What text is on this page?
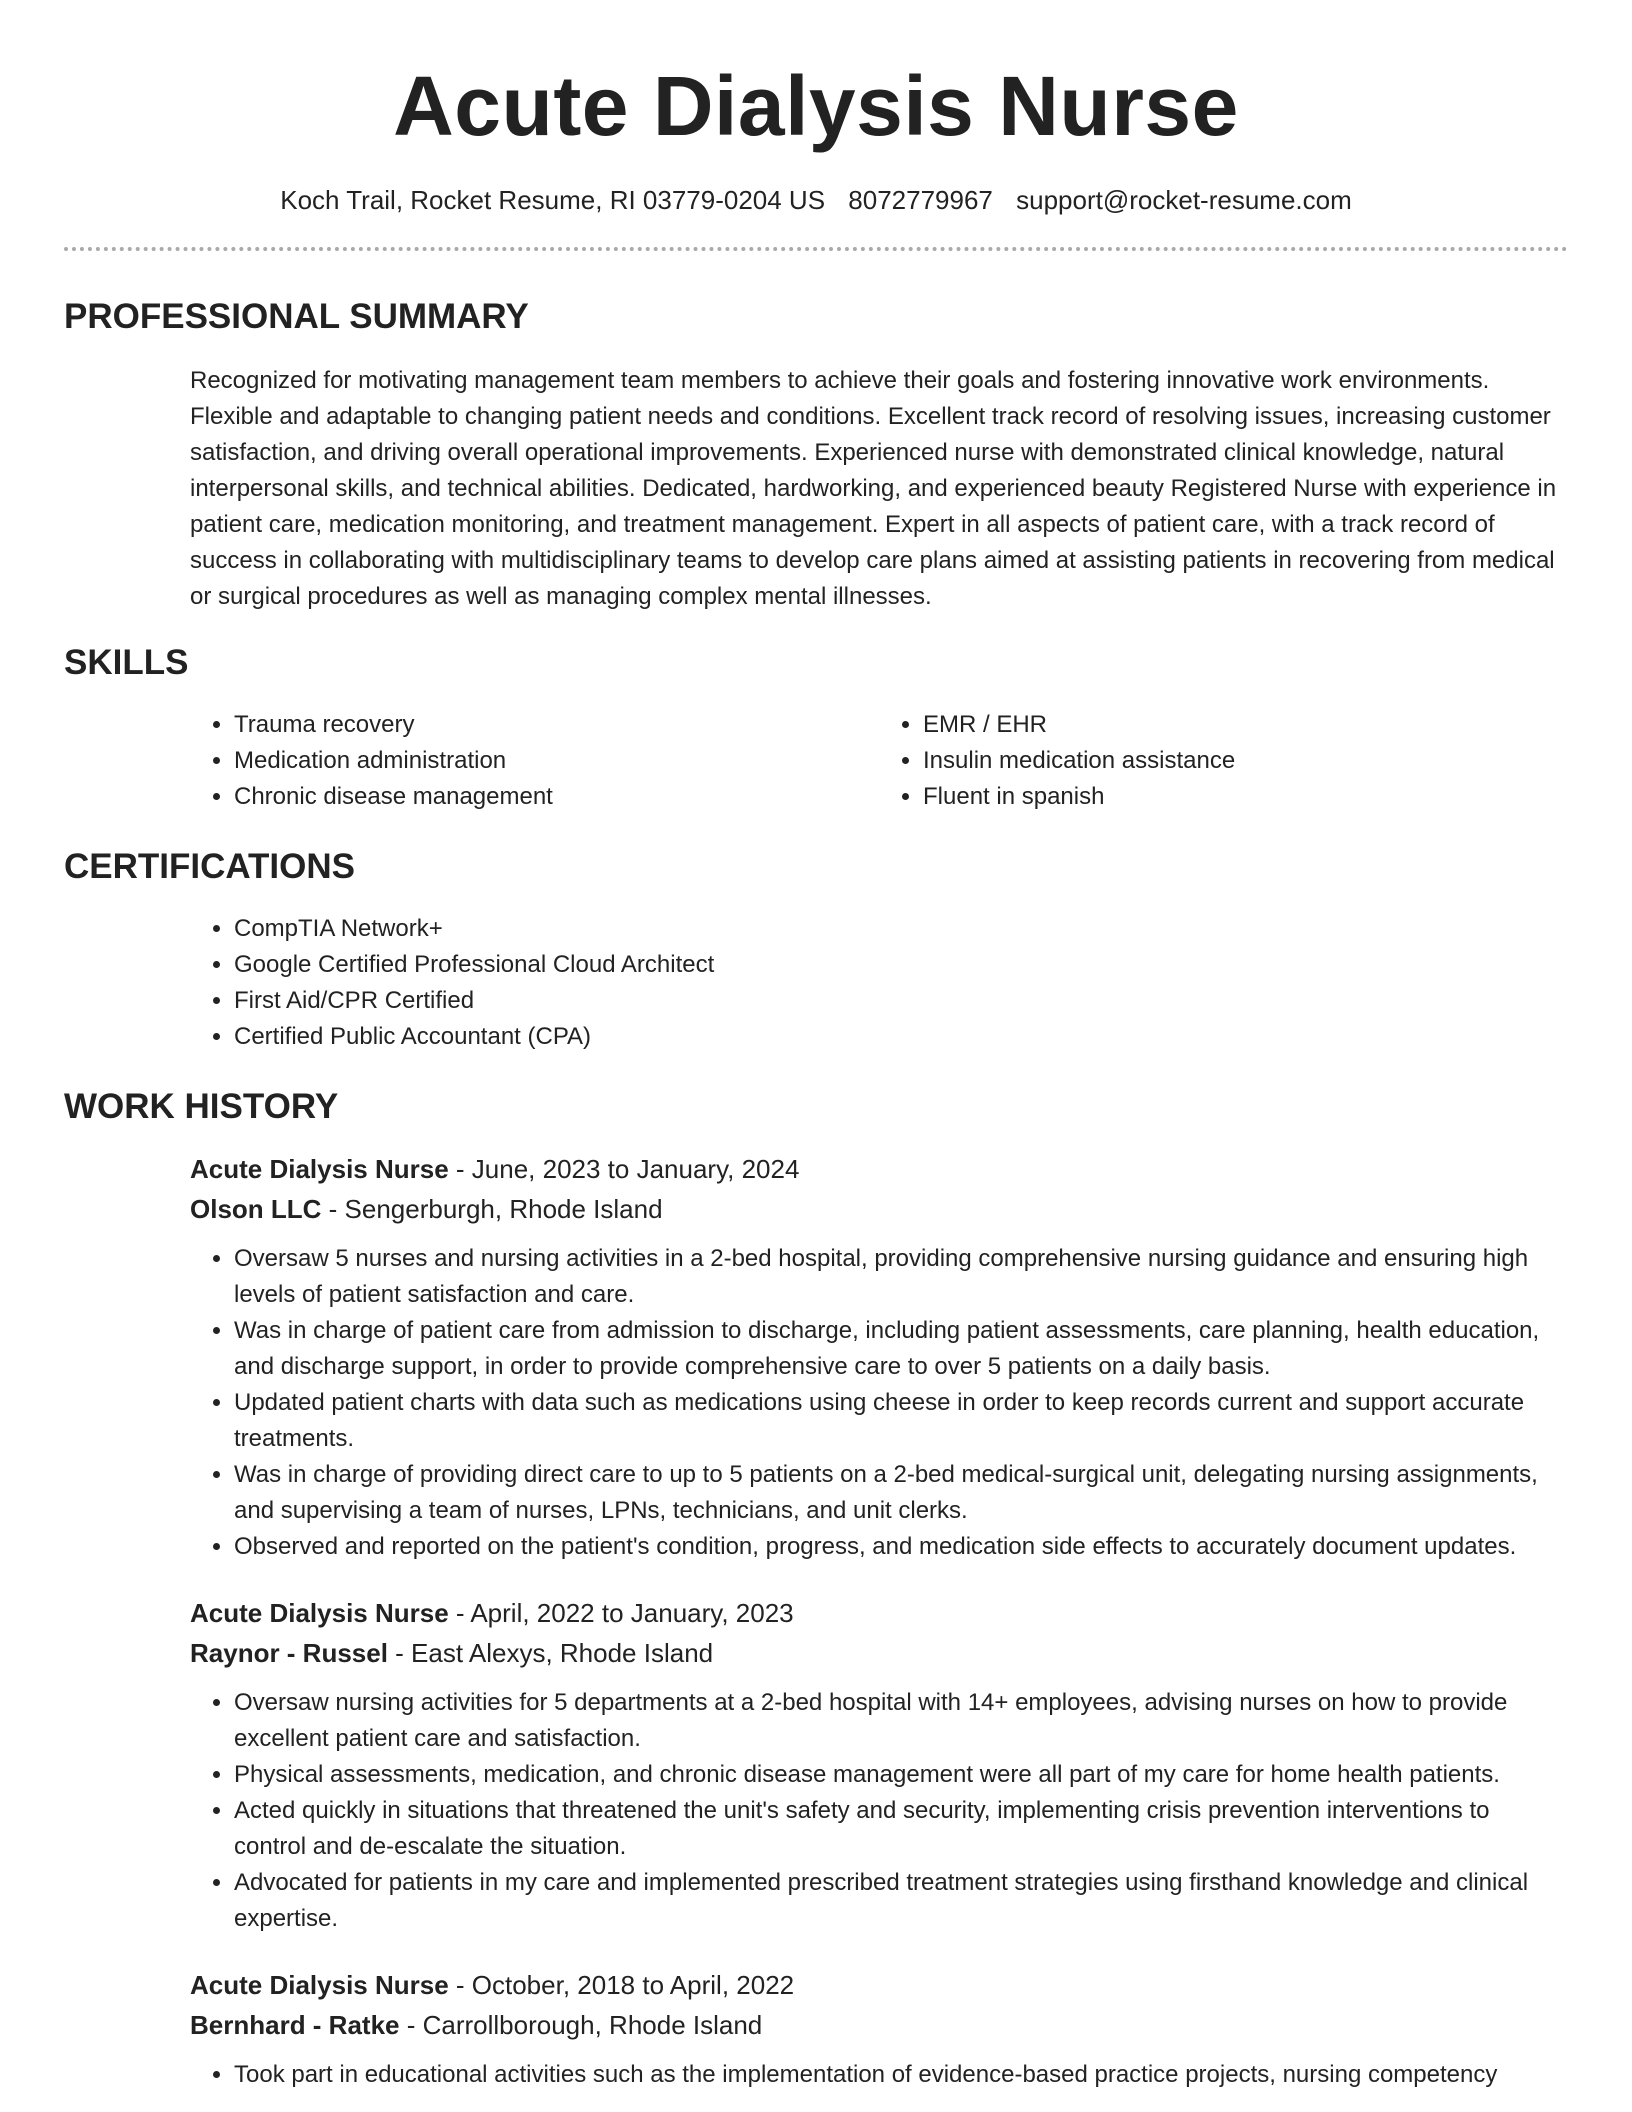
Acute Dialysis Nurse
Koch Trail, Rocket Resume, RI 03779-0204 US 8072779967 support@rocket-resume.com
PROFESSIONAL SUMMARY
Recognized for motivating management team members to achieve their goals and fostering innovative work environments. Flexible and adaptable to changing patient needs and conditions. Excellent track record of resolving issues, increasing customer satisfaction, and driving overall operational improvements. Experienced nurse with demonstrated clinical knowledge, natural interpersonal skills, and technical abilities. Dedicated, hardworking, and experienced beauty Registered Nurse with experience in patient care, medication monitoring, and treatment management. Expert in all aspects of patient care, with a track record of success in collaborating with multidisciplinary teams to develop care plans aimed at assisting patients in recovering from medical or surgical procedures as well as managing complex mental illnesses.
SKILLS
• Trauma recovery
• Medication administration
• Chronic disease management
• EMR / EHR
• Insulin medication assistance
• Fluent in spanish
CERTIFICATIONS
• CompTIA Network+
• Google Certified Professional Cloud Architect
• First Aid/CPR Certified
• Certified Public Accountant (CPA)
WORK HISTORY
Acute Dialysis Nurse - June, 2023 to January, 2024
Olson LLC - Sengerburgh, Rhode Island
• Oversaw 5 nurses and nursing activities in a 2-bed hospital, providing comprehensive nursing guidance and ensuring high levels of patient satisfaction and care.
• Was in charge of patient care from admission to discharge, including patient assessments, care planning, health education, and discharge support, in order to provide comprehensive care to over 5 patients on a daily basis.
• Updated patient charts with data such as medications using cheese in order to keep records current and support accurate treatments.
• Was in charge of providing direct care to up to 5 patients on a 2-bed medical-surgical unit, delegating nursing assignments, and supervising a team of nurses, LPNs, technicians, and unit clerks.
• Observed and reported on the patient's condition, progress, and medication side effects to accurately document updates.
Acute Dialysis Nurse - April, 2022 to January, 2023
Raynor - Russel - East Alexys, Rhode Island
• Oversaw nursing activities for 5 departments at a 2-bed hospital with 14+ employees, advising nurses on how to provide excellent patient care and satisfaction.
• Physical assessments, medication, and chronic disease management were all part of my care for home health patients.
• Acted quickly in situations that threatened the unit's safety and security, implementing crisis prevention interventions to control and de-escalate the situation.
• Advocated for patients in my care and implemented prescribed treatment strategies using firsthand knowledge and clinical expertise.
Acute Dialysis Nurse - October, 2018 to April, 2022
Bernhard - Ratke - Carrollborough, Rhode Island
• Took part in educational activities such as the implementation of evidence-based practice projects, nursing competency
